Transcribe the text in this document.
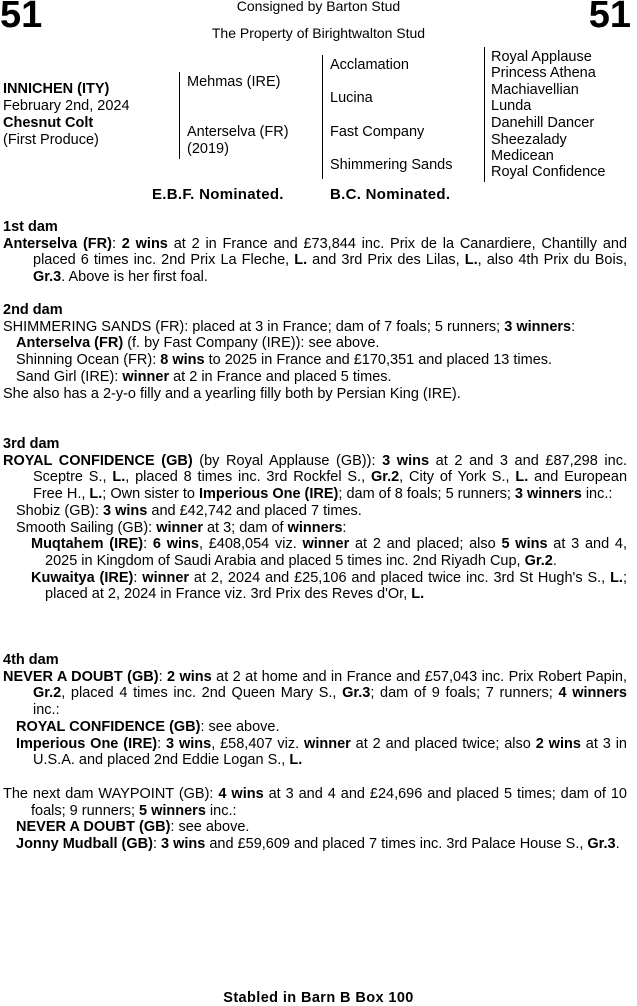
51	51
Consigned by Barton Stud
The Property of Birightwalton Stud
INNICHEN (ITY)
February 2nd, 2024
Chesnut Colt
(First Produce)
Mehmas (IRE)
Anterselva (FR)
(2019)
Acclamation
Lucina
Fast Company
Shimmering Sands
Royal Applause
Princess Athena
Machiavellian
Lunda
Danehill Dancer
Sheezalady
Medicean
Royal Confidence
E.B.F. Nominated.	B.C. Nominated.
1st dam
Anterselva (FR): 2 wins at 2 in France and £73,844 inc. Prix de la Canardiere, Chantilly and placed 6 times inc. 2nd Prix La Fleche, L. and 3rd Prix des Lilas, L., also 4th Prix du Bois, Gr.3. Above is her first foal.
2nd dam
SHIMMERING SANDS (FR): placed at 3 in France; dam of 7 foals; 5 runners; 3 winners:
Anterselva (FR) (f. by Fast Company (IRE)): see above.
Shinning Ocean (FR): 8 wins to 2025 in France and £170,351 and placed 13 times.
Sand Girl (IRE): winner at 2 in France and placed 5 times.
She also has a 2-y-o filly and a yearling filly both by Persian King (IRE).
3rd dam
ROYAL CONFIDENCE (GB) (by Royal Applause (GB)): 3 wins at 2 and 3 and £87,298 inc. Sceptre S., L., placed 8 times inc. 3rd Rockfel S., Gr.2, City of York S., L. and European Free H., L.; Own sister to Imperious One (IRE); dam of 8 foals; 5 runners; 3 winners inc.:
Shobiz (GB): 3 wins and £42,742 and placed 7 times.
Smooth Sailing (GB): winner at 3; dam of winners:
Muqtahem (IRE): 6 wins, £408,054 viz. winner at 2 and placed; also 5 wins at 3 and 4, 2025 in Kingdom of Saudi Arabia and placed 5 times inc. 2nd Riyadh Cup, Gr.2.
Kuwaitya (IRE): winner at 2, 2024 and £25,106 and placed twice inc. 3rd St Hugh's S., L.; placed at 2, 2024 in France viz. 3rd Prix des Reves d'Or, L.
4th dam
NEVER A DOUBT (GB): 2 wins at 2 at home and in France and £57,043 inc. Prix Robert Papin, Gr.2, placed 4 times inc. 2nd Queen Mary S., Gr.3; dam of 9 foals; 7 runners; 4 winners inc.:
ROYAL CONFIDENCE (GB): see above.
Imperious One (IRE): 3 wins, £58,407 viz. winner at 2 and placed twice; also 2 wins at 3 in U.S.A. and placed 2nd Eddie Logan S., L.
The next dam WAYPOINT (GB): 4 wins at 3 and 4 and £24,696 and placed 5 times; dam of 10 foals; 9 runners; 5 winners inc.:
NEVER A DOUBT (GB): see above.
Jonny Mudball (GB): 3 wins and £59,609 and placed 7 times inc. 3rd Palace House S., Gr.3.
Stabled in Barn B Box 100
